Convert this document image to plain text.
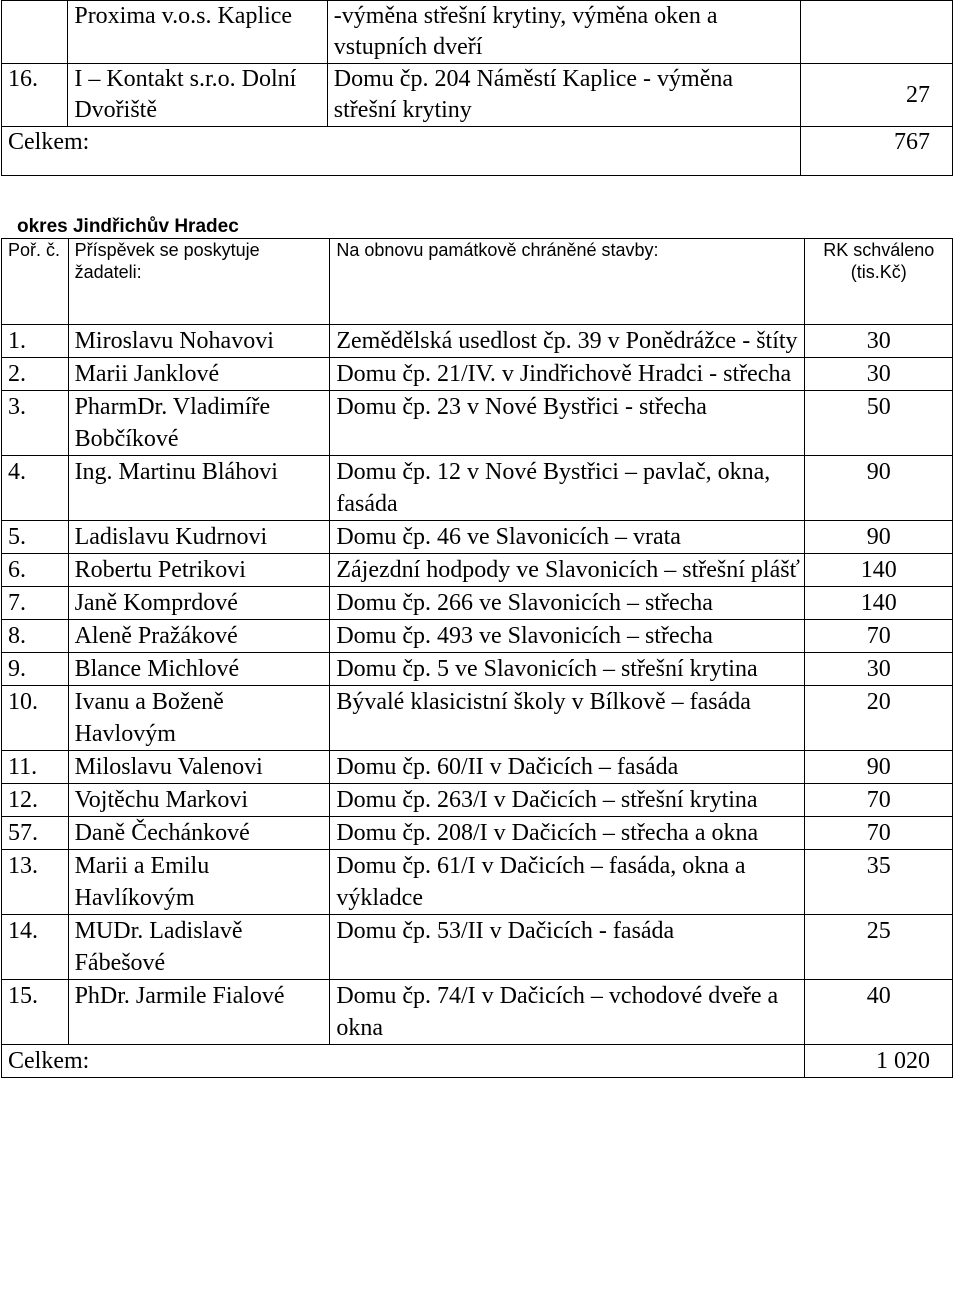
	Proxima v.o.s. Kaplice	-výměna střešní krytiny, výměna oken a vstupních dveří	
16.	I – Kontakt s.r.o. Dolní Dvořiště	Domu čp. 204 Náměstí Kaplice - výměna střešní krytiny	27
Celkem:			767
okres Jindřichův Hradec
Poř. č.	Příspěvek se poskytuje žadateli:	Na obnovu památkově chráněné stavby:	RK schváleno (tis.Kč)
1.	Miroslavu Nohavovi	Zemědělská usedlost čp. 39 v Ponědrážce - štíty	30

2.	Marii Janklové	Domu čp. 21/IV. v Jindřichově Hradci - střecha	30

3.	PharmDr. Vladimíře Bobčíkové	Domu čp. 23 v Nové Bystřici - střecha	50

4.	Ing. Martinu Bláhovi	Domu čp. 12 v Nové Bystřici – pavlač, okna, fasáda	90

5.	Ladislavu Kudrnovi	Domu čp. 46 ve Slavonicích – vrata	90

6.	Robertu Petrikovi	Zájezdní hodpody ve Slavonicích – střešní plášť	140

7.	Janě Komprdové	Domu čp. 266 ve Slavonicích – střecha	140

8.	Aleně Pražákové	Domu čp. 493 ve Slavonicích – střecha	70

9.	Blance Michlové	Domu čp. 5 ve Slavonicích – střešní krytina	30

10.	Ivanu a Boženě Havlovým	Bývalé klasicistní školy v Bílkově – fasáda	20

11.	Miloslavu Valenovi	Domu čp. 60/II v Dačicích – fasáda	90

12.	Vojtěchu Markovi	Domu čp. 263/I v Dačicích – střešní krytina	70

57.	Daně Čechánkové	Domu čp. 208/I v Dačicích – střecha a okna	70

13.	Marii a Emilu Havlíkovým	Domu čp. 61/I v Dačicích – fasáda, okna a výkladce	35

14.	MUDr. Ladislavě Fábešové	Domu čp. 53/II v Dačicích - fasáda	25

15.	PhDr. Jarmile Fialové	Domu čp. 74/I v Dačicích – vchodové dveře a okna	40

Celkem:			1 020
